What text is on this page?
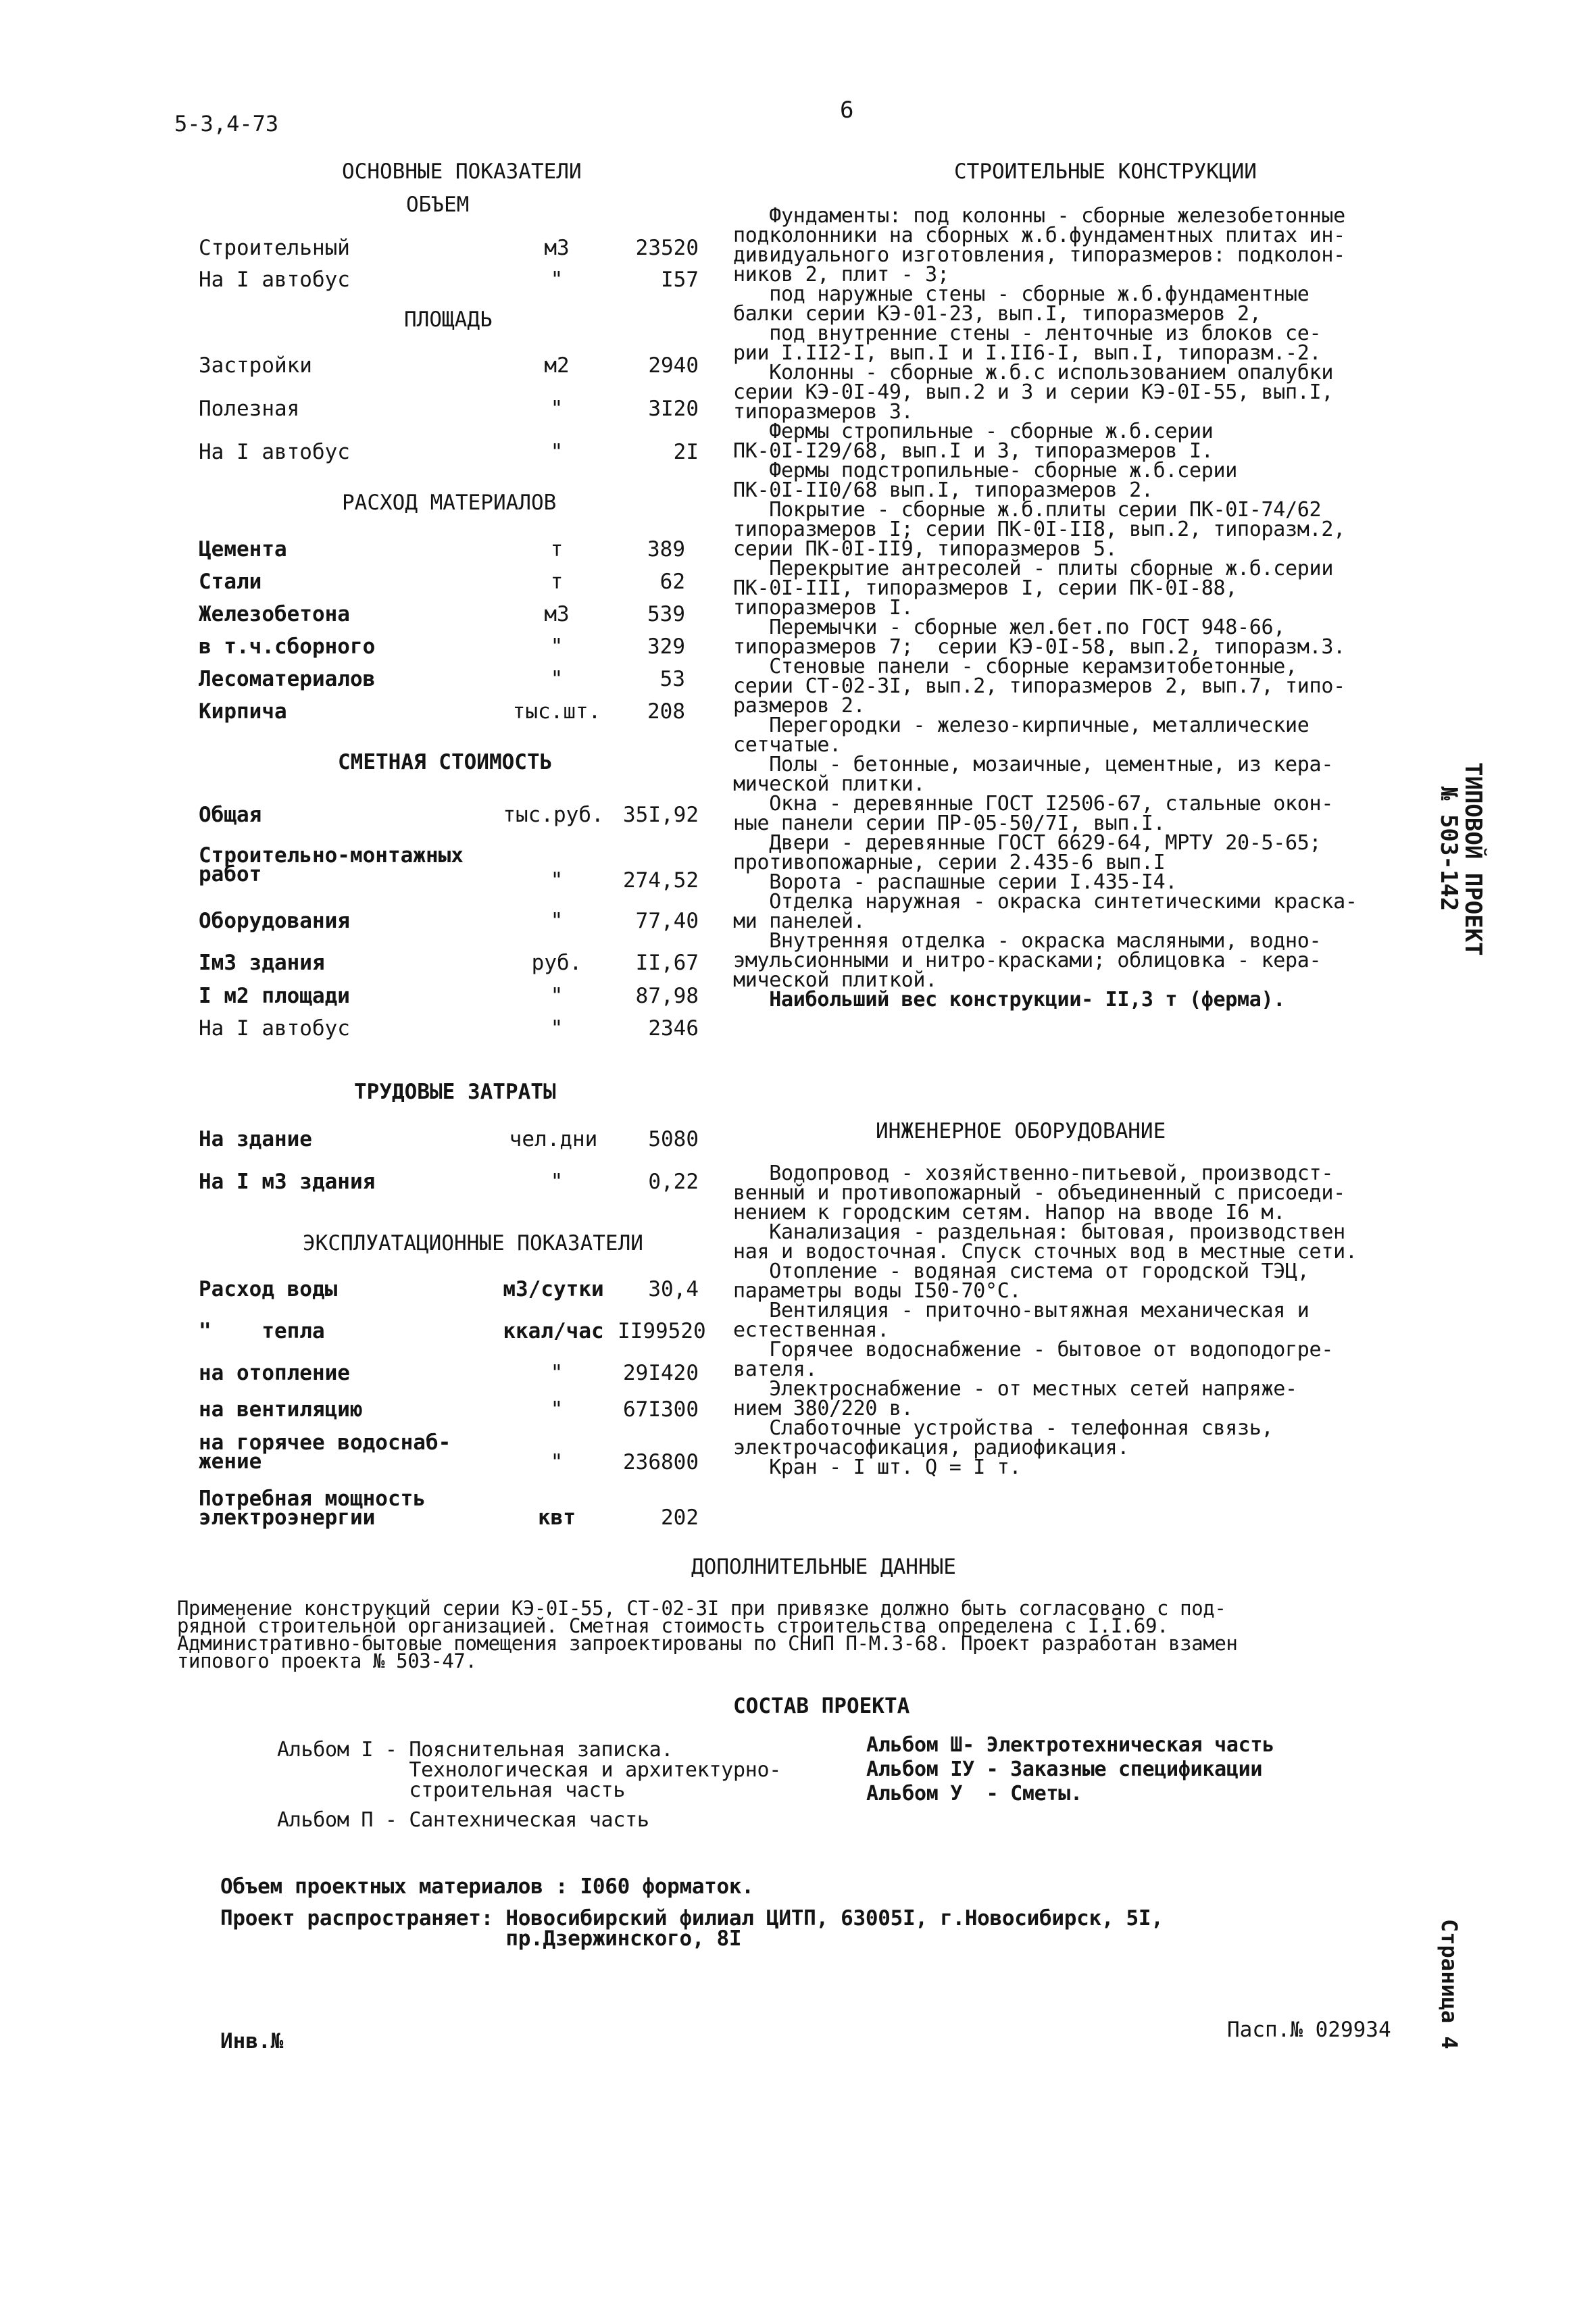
5-3,4-73	6
ОСНОВНЫЕ ПОКАЗАТЕЛИ
ОБЪЕМ
Строительный	м3	23520
На I автобус	"	I57
ПЛОЩАДЬ
Застройки	м2	2940
Полезная	"	3I20
На I автобус	"	2I
РАСХОД МАТЕРИАЛОВ
Цемента	т	389
Стали	т	62
Железобетона	м3	539
в т.ч.сборного	"	329
Лесоматериалов	"	53
Кирпича	тыс.шт.	208
СМЕТНАЯ СТОИМОСТЬ
Общая	тыс.руб. 35I,92
Строительно-монтажных
работ	"	274,52
Оборудования	"	77,40
IмЗ здания	руб.	II,67
I м2 площади	"	87,98
На I автобус	"	2346
ТРУДОВЫЕ ЗАТРАТЫ
На здание	чел.дни	5080
На I м3 здания	"	0,22
ЭКСПЛУАТАЦИОННЫЕ ПОКАЗАТЕЛИ
Расход воды	м3/сутки	30,4
"    тепла	ккал/час II99520
на отопление	"	29I420
на вентиляцию	"	67I300
на горячее водоснаб-
жение	"	236800
Потребная мощность
электроэнергии	квт	202
СТРОИТЕЛЬНЫЕ КОНСТРУКЦИИ
Фундаменты: под колонны - сборные железобетонные
подколонники на сборных ж.б.фундаментных плитах ин-
дивидуального изготовления, типоразмеров: подколон-
ников 2, плит - 3;
под наружные стены - сборные ж.б.фундаментные
балки серии КЭ-01-23, вып.I, типоразмеров 2,
под внутренние стены - ленточные из блоков се-
рии I.II2-I, вып.I и I.II6-I, вып.I, типоразм.-2.
Колонны - сборные ж.б.с использованием опалубки
серии КЭ-0I-49, вып.2 и 3 и серии КЭ-0I-55, вып.I,
типоразмеров 3.
Фермы стропильные - сборные ж.б.серии
ПК-0I-I29/68, вып.I и 3, типоразмеров I.
Фермы подстропильные- сборные ж.б.серии
ПК-0I-II0/68 вып.I, типоразмеров 2.
Покрытие - сборные ж.б.плиты серии ПК-0I-74/62
типоразмеров I; серии ПК-0I-II8, вып.2, типоразм.2,
серии ПК-0I-II9, типоразмеров 5.
Перекрытие антресолей - плиты сборные ж.б.серии
ПК-0I-III, типоразмеров I, серии ПК-0I-88,
типоразмеров I.
Перемычки - сборные жел.бет.по ГОСТ 948-66,
типоразмеров 7;  серии КЭ-0I-58, вып.2, типоразм.3.
Стеновые панели - сборные керамзитобетонные,
серии СТ-02-3I, вып.2, типоразмеров 2, вып.7, типо-
размеров 2.
Перегородки - железо-кирпичные, металлические
сетчатые.
Полы - бетонные, мозаичные, цементные, из кера-
мической плитки.
Окна - деревянные ГОСТ I2506-67, стальные окон-
ные панели серии ПР-05-50/7I, вып.I.
Двери - деревянные ГОСТ 6629-64, МРТУ 20-5-65;
противопожарные, серии 2.435-6 вып.I
Ворота - распашные серии I.435-I4.
Отделка наружная - окраска синтетическими краска-
ми панелей.
Внутренняя отделка - окраска масляными, водно-
эмульсионными и нитро-красками; облицовка - кера-
мической плиткой.
Наибольший вес конструкции- II,3 т (ферма).
ИНЖЕНЕРНОЕ ОБОРУДОВАНИЕ
Водопровод - хозяйственно-питьевой, производст-
венный и противопожарный - объединенный с присоеди-
нением к городским сетям. Напор на вводе I6 м.
Канализация - раздельная: бытовая, производствен
ная и водосточная. Спуск сточных вод в местные сети.
Отопление - водяная система от городской ТЭЦ,
параметры воды I50-70°С.
Вентиляция - приточно-вытяжная механическая и
естественная.
Горячее водоснабжение - бытовое от водоподогре-
вателя.
Электроснабжение - от местных сетей напряже-
нием 380/220 в.
Слаботочные устройства - телефонная связь,
электрочасофикация, радиофикация.
Кран - I шт. Q = I т.
ДОПОЛНИТЕЛЬНЫЕ ДАННЫЕ
Применение конструкций серии КЭ-0I-55, СТ-02-3I при привязке должно быть согласовано с под-
рядной строительной организацией. Сметная стоимость строительства определена с I.I.69.
Административно-бытовые помещения запроектированы по СНиП П-М.3-68. Проект разработан взамен
типового проекта № 503-47.
СОСТАВ ПРОЕКТА
Альбом I - Пояснительная записка.
Технологическая и архитектурно-
строительная часть
Альбом П - Сантехническая часть
Альбом Ш- Электротехническая часть
Альбом IУ - Заказные спецификации
Альбом У  - Сметы.
Объем проектных материалов : I060 форматок.
Проект распространяет: Новосибирский филиал ЦИТП, 63005I, г.Новосибирск, 5I,
пр.Дзержинского, 8I
Инв.№	Пасп.№ 029934
ТИПОВОЙ ПРОЕКТ
№ 503-142
Страница 4
